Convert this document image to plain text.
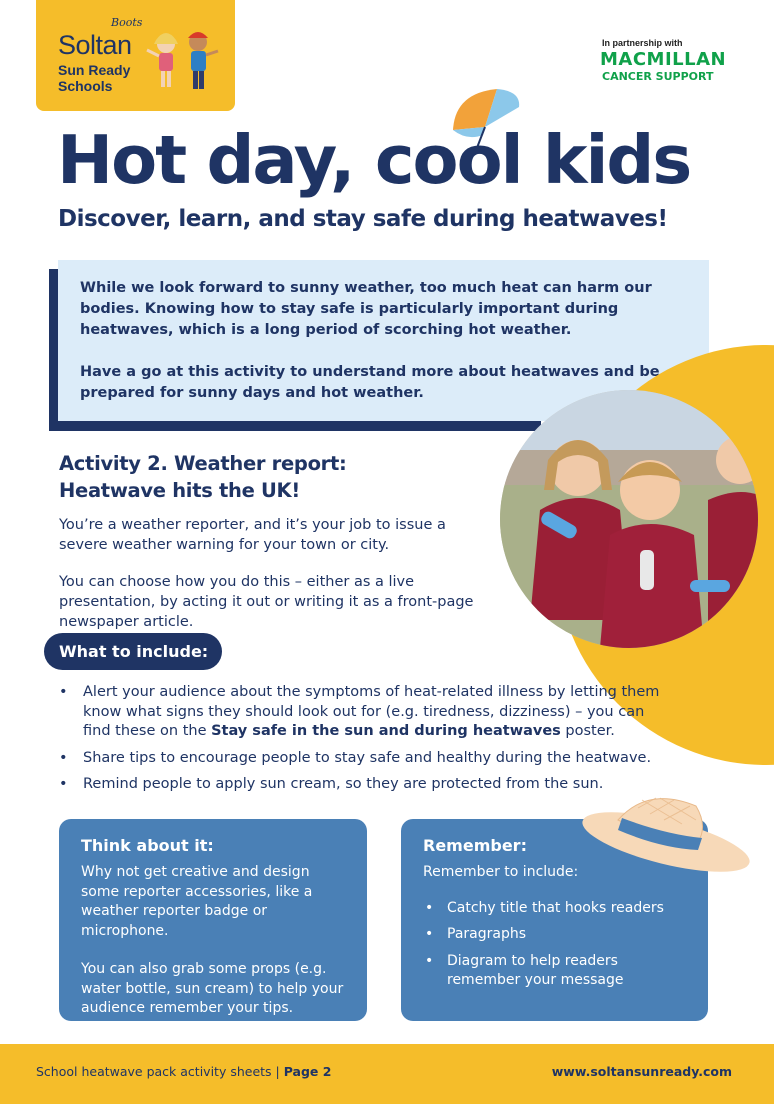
Boots
Soltan
Sun Ready Schools
In partnership with
MACMILLAN
CANCER SUPPORT
Hot day, cool kids
Discover, learn, and stay safe during heatwaves!

While we look forward to sunny weather, too much heat can harm our bodies. Knowing how to stay safe is particularly important during heatwaves, which is a long period of scorching hot weather.

Have a go at this activity to understand more about heatwaves and be prepared for sunny days and hot weather.

Activity 2. Weather report:
Heatwave hits the UK!

You’re a weather reporter, and it’s your job to issue a severe weather warning for your town or city.

You can choose how you do this – either as a live presentation, by acting it out or writing it as a front-page newspaper article.

What to include:
• Alert your audience about the symptoms of heat-related illness by letting them know what signs they should look out for (e.g. tiredness, dizziness) – you can find these on the Stay safe in the sun and during heatwaves poster.
• Share tips to encourage people to stay safe and healthy during the heatwave.
• Remind people to apply sun cream, so they are protected from the sun.
Think about it:

Why not get creative and design some reporter accessories, like a weather reporter badge or microphone.

You can also grab some props (e.g. water bottle, sun cream) to help your audience remember your tips.

Remember:

Remember to include:

• Catchy title that hooks readers
• Paragraphs
• Diagram to help readers remember your message
School heatwave pack activity sheets | Page 2	www.soltansunready.com
